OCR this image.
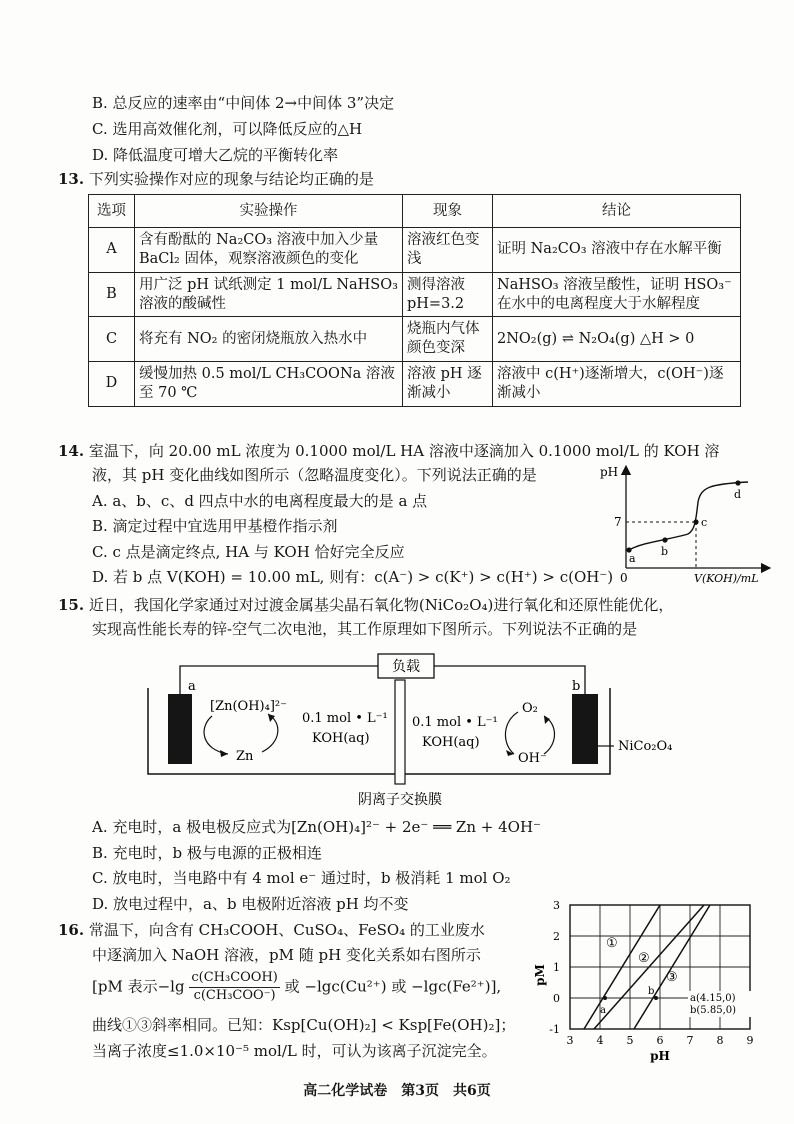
B. 总反应的速率由“中间体 2→中间体 3”决定
C. 选用高效催化剂，可以降低反应的△H
D. 降低温度可增大乙烷的平衡转化率
13. 下列实验操作对应的现象与结论均正确的是
选项	实验操作	现象	结论
A	含有酚酞的 Na₂CO₃ 溶液中加入少量 BaCl₂ 固体，观察溶液颜色的变化	溶液红色变浅	证明 Na₂CO₃ 溶液中存在水解平衡
B	用广泛 pH 试纸测定 1 mol/L NaHSO₃ 溶液的酸碱性	测得溶液 pH=3.2	NaHSO₃ 溶液呈酸性，证明 HSO₃⁻ 在水中的电离程度大于水解程度
C	将充有 NO₂ 的密闭烧瓶放入热水中	烧瓶内气体颜色变深	2NO₂(g) ⇌ N₂O₄(g) △H > 0
D	缓慢加热 0.5 mol/L CH₃COONa 溶液至 70 ℃	溶液 pH 逐渐减小	溶液中 c(H⁺)逐渐增大，c(OH⁻)逐渐减小
14. 室温下，向 20.00 mL 浓度为 0.1000 mol/L HA 溶液中逐滴加入 0.1000 mol/L 的 KOH 溶
液，其 pH 变化曲线如图所示（忽略温度变化）。下列说法正确的是
A. a、b、c、d 四点中水的电离程度最大的是 a 点
B. 滴定过程中宜选用甲基橙作指示剂
C. c 点是滴定终点, HA 与 KOH 恰好完全反应
D. 若 b 点 V(KOH) = 10.00 mL, 则有：c(A⁻) > c(K⁺) > c(H⁺) > c(OH⁻)
pH
7
0	V(KOH)/mL
a
b
c
d
15. 近日，我国化学家通过对过渡金属基尖晶石氧化物(NiCo₂O₄)进行氧化和还原性能优化，
实现高性能长寿的锌-空气二次电池，其工作原理如下图所示。下列说法不正确的是
负载
a	b
阴离子交换膜
[Zn(OH)₄]²⁻
Zn
0.1 mol • L⁻¹
KOH(aq)
0.1 mol • L⁻¹
KOH(aq)
O₂
OH⁻
NiCo₂O₄
A. 充电时，a 极电极反应式为[Zn(OH)₄]²⁻ + 2e⁻ ══ Zn + 4OH⁻
B. 充电时，b 极与电源的正极相连
C. 放电时，当电路中有 4 mol e⁻ 通过时，b 极消耗 1 mol O₂
D. 放电过程中，a、b 电极附近溶液 pH 均不变
16. 常温下，向含有 CH₃COOH、CuSO₄、FeSO₄ 的工业废水
中逐滴加入 NaOH 溶液，pM 随 pH 变化关系如右图所示
[pM 表示$-\lg \frac{\text{c(CH₃COOH)}}{\text{c(CH₃COO⁻)}}$ 或 −lgc(Cu²⁺) 或 −lgc(Fe²⁺)],
曲线①③斜率相同。已知：Ksp[Cu(OH)₂] < Ksp[Fe(OH)₂]；
当离子浓度≤1.0×10⁻⁵ mol/L 时，可认为该离子沉淀完全。
①
②
③
a
b
a(4.15,0)
b(5.85,0)
3
2
1
0
-1
pM
3 4 5 6 7 8 9
pH
高二化学试卷　第3页　共6页
